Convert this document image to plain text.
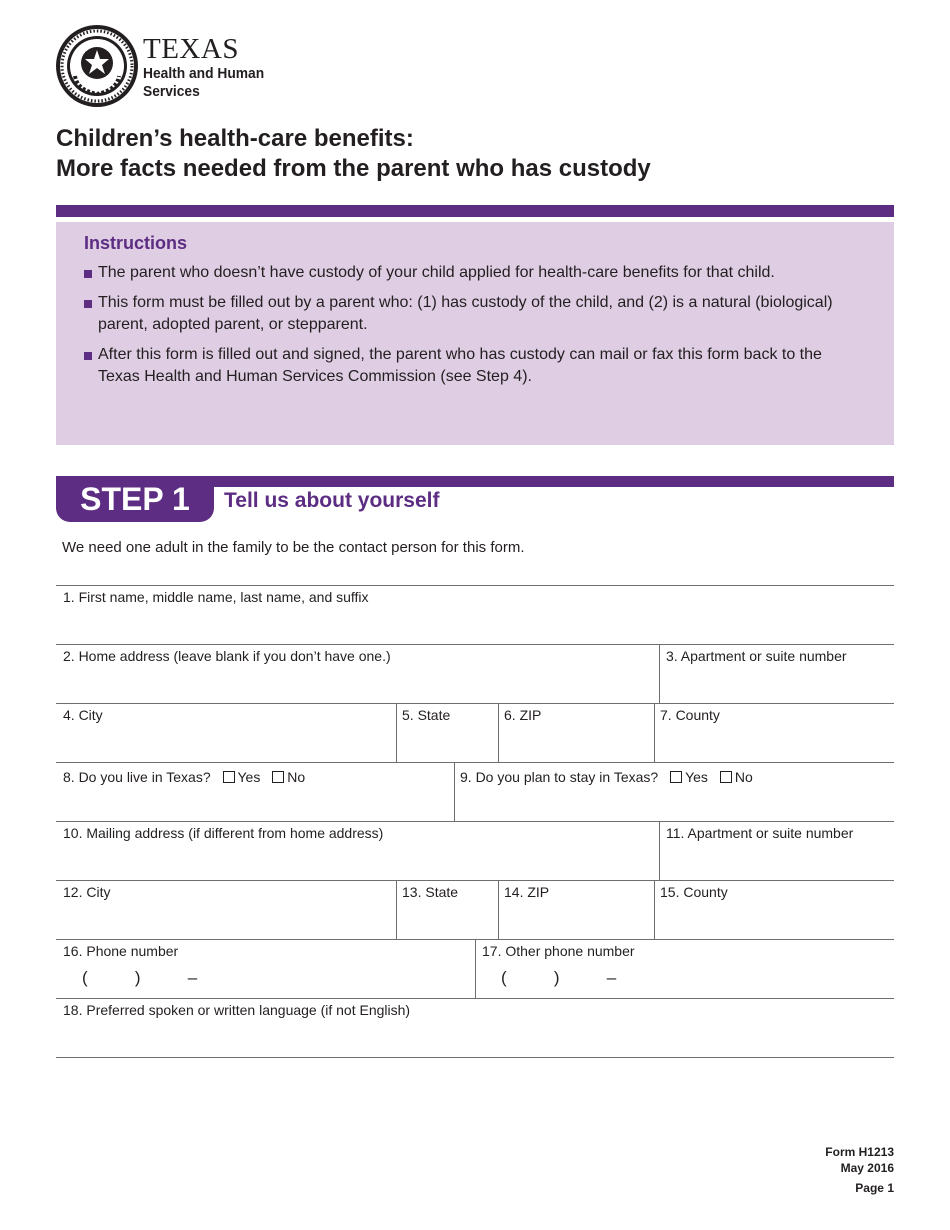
TEXAS
Health and Human
Services
Children’s health-care benefits:
More facts needed from the parent who has custody
Instructions
The parent who doesn’t have custody of your child applied for health-care benefits for that child.
This form must be filled out by a parent who: (1) has custody of the child, and (2) is a natural (biological) parent, adopted parent, or stepparent.
After this form is filled out and signed, the parent who has custody can mail or fax this form back to the Texas Health and Human Services Commission (see Step 4).
STEP 1	Tell us about yourself
We need one adult in the family to be the contact person for this form.
1. First name, middle name, last name, and suffix
2. Home address (leave blank if you don’t have one.)	3. Apartment or suite number
4. City	5. State	6. ZIP	7. County
8. Do you live in Texas? Yes No	9. Do you plan to stay in Texas? Yes No
10. Mailing address (if different from home address)	11. Apartment or suite number
12. City	13. State	14. ZIP	15. County
16. Phone number
(          )          –
17. Other phone number
(          )          –
18. Preferred spoken or written language (if not English)
Form H1213
May 2016
Page 1
